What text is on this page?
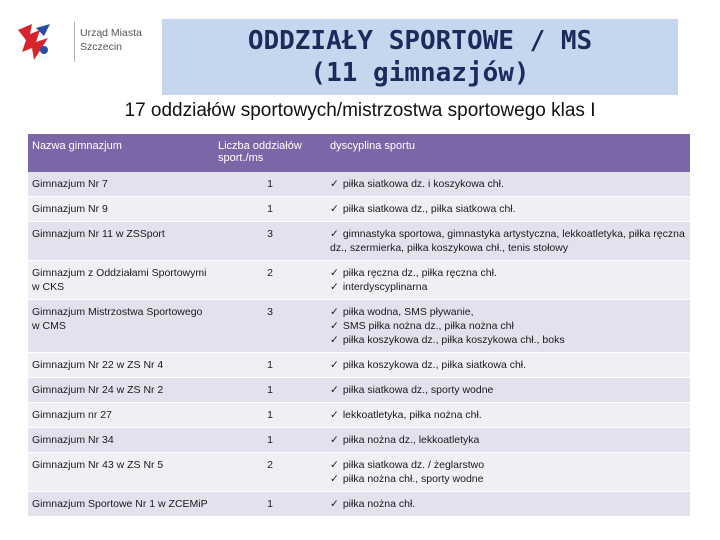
Urząd Miasta
Szczecin	ODDZIAŁY SPORTOWE / MS
(11 gimnazjów)
17 oddziałów sportowych/mistrzostwa sportowego klas I
Nazwa gimnazjum	Liczba oddziałów sport./ms	dyscyplina sportu
Gimnazjum Nr 7	1	✓ piłka siatkowa dz. i koszykowa chł.

Gimnazjum Nr 9	1	✓ piłka siatkowa dz., piłka siatkowa chł.

Gimnazjum Nr 11 w ZSSport	3	✓ gimnastyka sportowa, gimnastyka artystyczna, lekkoatletyka, piłka ręczna dz., szermierka, piłka koszykowa chł., tenis stołowy

Gimnazjum z Oddziałami Sportowymi w CKS	2	✓ piłka ręczna dz., piłka ręczna chł.
✓ interdyscyplinarna

Gimnazjum Mistrzostwa Sportowego w CMS	3	✓ piłka wodna, SMS pływanie,
✓ SMS piłka nożna dz., piłka nożna chł
✓ piłka koszykowa dz., piłka koszykowa chł., boks

Gimnazjum Nr 22 w ZS Nr 4	1	✓ piłka koszykowa dz., piłka siatkowa chł.

Gimnazjum Nr 24 w ZS Nr 2	1	✓ piłka siatkowa dz., sporty wodne

Gimnazjum nr 27	1	✓ lekkoatletyka, piłka nożna chł.

Gimnazjum Nr 34	1	✓ piłka nożna dz., lekkoatletyka

Gimnazjum Nr 43 w ZS Nr 5	2	✓ piłka siatkowa dz. / żeglarstwo
✓ piłka nożna chł., sporty wodne

Gimnazjum Sportowe Nr 1 w ZCEMiP	1	✓ piłka nożna chł.
